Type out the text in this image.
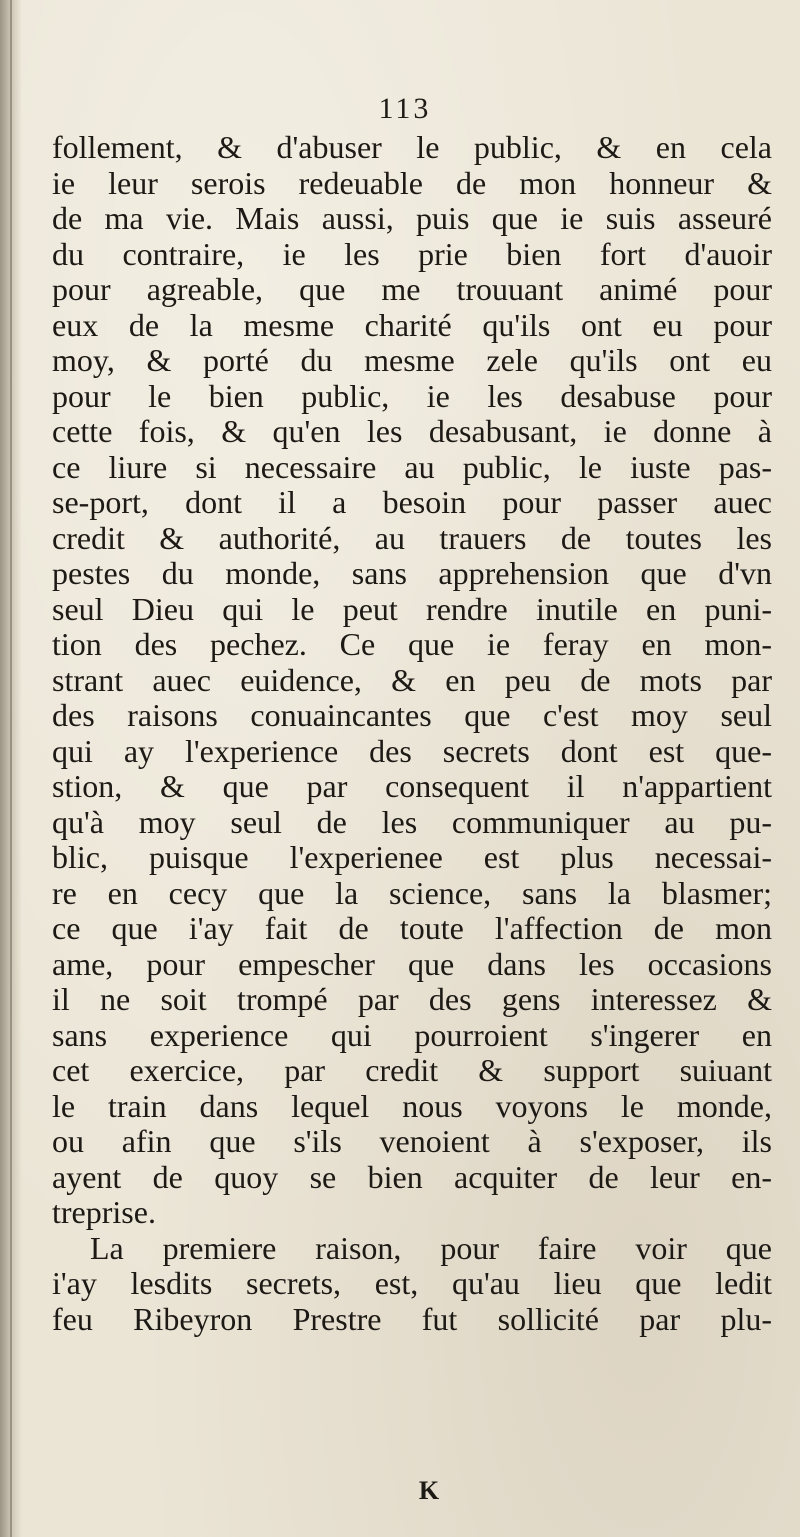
113
follement, & d'abuser le public, & en cela
ie leur serois redeuable de mon honneur &
de ma vie. Mais aussi, puis que ie suis asseuré
du contraire, ie les prie bien fort d'auoir
pour agreable, que me trouuant animé pour
eux de la mesme charité qu'ils ont eu pour
moy, & porté du mesme zele qu'ils ont eu
pour le bien public, ie les desabuse pour
cette fois, & qu'en les desabusant, ie donne à
ce liure si necessaire au public, le iuste pas-
se-port, dont il a besoin pour passer auec
credit & authorité, au trauers de toutes les
pestes du monde, sans apprehension que d'vn
seul Dieu qui le peut rendre inutile en puni-
tion des pechez. Ce que ie feray en mon-
strant auec euidence, & en peu de mots par
des raisons conuaincantes que c'est moy seul
qui ay l'experience des secrets dont est que-
stion, & que par consequent il n'appartient
qu'à moy seul de les communiquer au pu-
blic, puisque l'experienee est plus necessai-
re en cecy que la science, sans la blasmer;
ce que i'ay fait de toute l'affection de mon
ame, pour empescher que dans les occasions
il ne soit trompé par des gens interessez &
sans experience qui pourroient s'ingerer en
cet exercice, par credit & support suiuant
le train dans lequel nous voyons le monde,
ou afin que s'ils venoient à s'exposer, ils
ayent de quoy se bien acquiter de leur en-
treprise.
La premiere raison, pour faire voir que
i'ay lesdits secrets, est, qu'au lieu que ledit
feu Ribeyron Prestre fut sollicité par plu-
K
